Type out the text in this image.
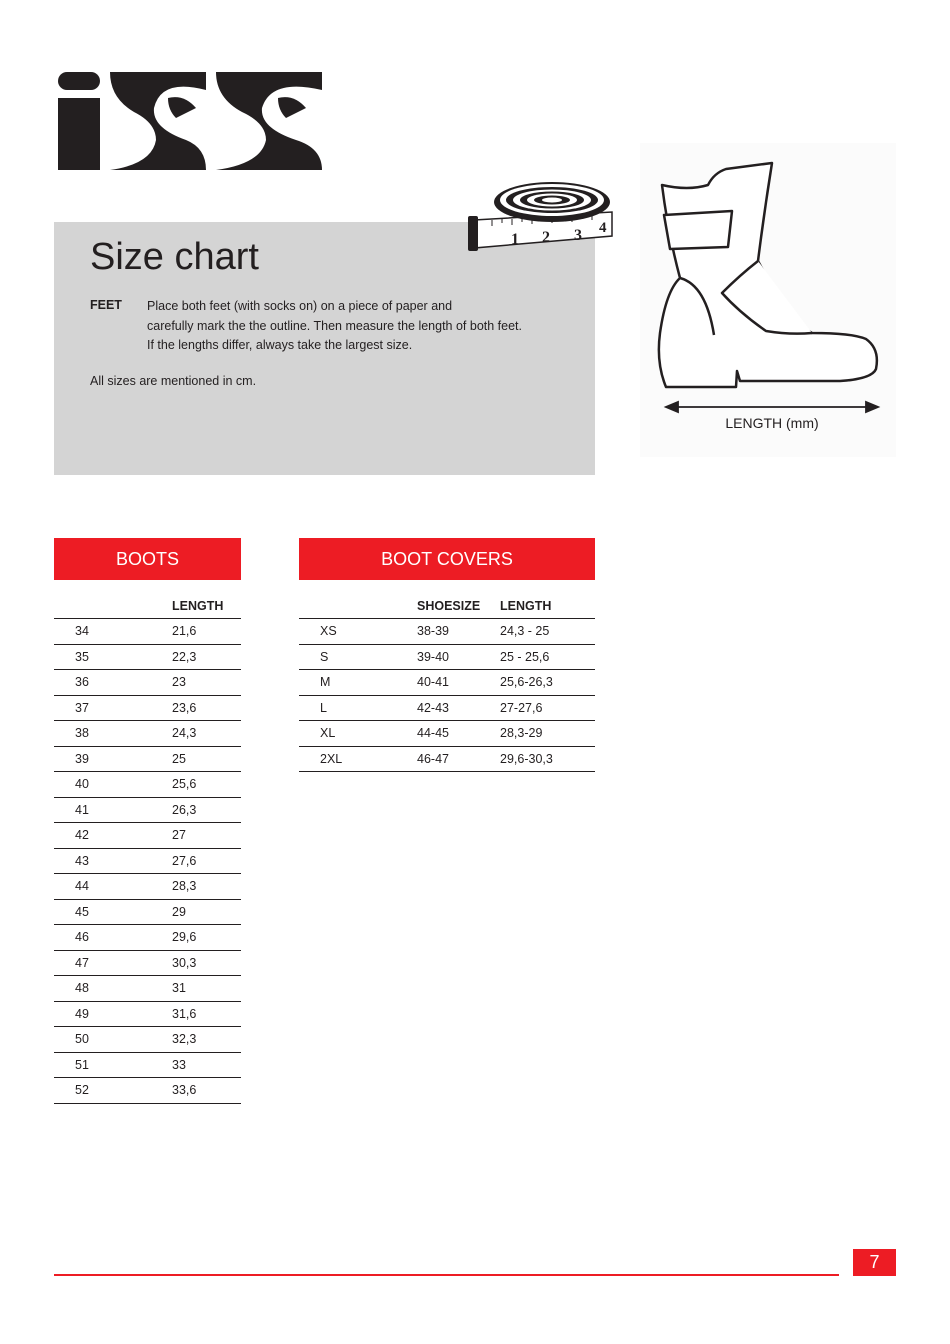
Size chart
FEET Place both feet (with socks on) on a piece of paper and
carefully mark the the outline. Then measure the length of both feet.
If the lengths differ, always take the largest size.
All sizes are mentioned in cm.
1 2 3 4
LENGTH (mm)
BOOTS	BOOT COVERS
	LENGTH
34	21,6
35	22,3
36	23
37	23,6
38	24,3
39	25
40	25,6
41	26,3
42	27
43	27,6
44	28,3
45	29
46	29,6
47	30,3
48	31
49	31,6
50	32,3
51	33
52	33,6
	SHOESIZE	LENGTH
XS	38-39	24,3 - 25
S	39-40	25 - 25,6
M	40-41	25,6-26,3
L	42-43	27-27,6
XL	44-45	28,3-29
2XL	46-47	29,6-30,3
7
